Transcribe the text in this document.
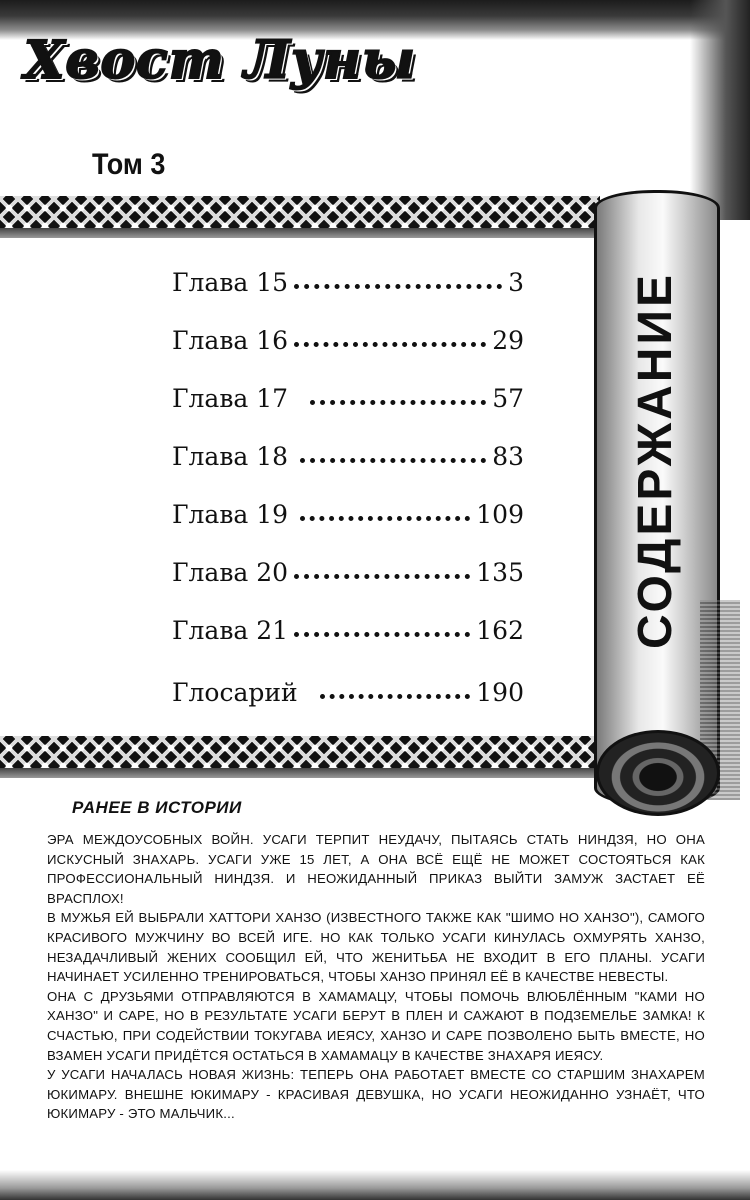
Хвост Луны
Том 3
СОДЕРЖАНИЕ
Глава 15	3
Глава 16	29
Глава 17	57
Глава 18	83
Глава 19	109
Глава 20	135
Глава 21	162
Глосарий	190
РАНЕЕ В ИСТОРИИ

ЭРА МЕЖДОУСОБНЫХ ВОЙН. УСАГИ ТЕРПИТ НЕУДАЧУ, ПЫТАЯСЬ СТАТЬ НИНДЗЯ, НО ОНА ИСКУСНЫЙ ЗНАХАРЬ. УСАГИ УЖЕ 15 ЛЕТ, А ОНА ВСЁ ЕЩЁ НЕ МОЖЕТ СОСТОЯТЬСЯ КАК ПРОФЕССИОНАЛЬНЫЙ НИНДЗЯ. И НЕОЖИДАННЫЙ ПРИКАЗ ВЫЙТИ ЗАМУЖ ЗАСТАЕТ ЕЁ ВРАСПЛОХ!

В МУЖЬЯ ЕЙ ВЫБРАЛИ ХАТТОРИ ХАНЗО (ИЗВЕСТНОГО ТАКЖЕ КАК "ШИМО НО ХАНЗО"), САМОГО КРАСИВОГО МУЖЧИНУ ВО ВСЕЙ ИГЕ. НО КАК ТОЛЬКО УСАГИ КИНУЛАСЬ ОХМУРЯТЬ ХАНЗО, НЕЗАДАЧЛИВЫЙ ЖЕНИХ СООБЩИЛ ЕЙ, ЧТО ЖЕНИТЬБА НЕ ВХОДИТ В ЕГО ПЛАНЫ. УСАГИ НАЧИНАЕТ УСИЛЕННО ТРЕНИРОВАТЬСЯ, ЧТОБЫ ХАНЗО ПРИНЯЛ ЕЁ В КАЧЕСТВЕ НЕВЕСТЫ.

ОНА С ДРУЗЬЯМИ ОТПРАВЛЯЮТСЯ В ХАМАМАЦУ, ЧТОБЫ ПОМОЧЬ ВЛЮБЛЁННЫМ "КАМИ НО ХАНЗО" И САРЕ, НО В РЕЗУЛЬТАТЕ УСАГИ БЕРУТ В ПЛЕН И САЖАЮТ В ПОДЗЕМЕЛЬЕ ЗАМКА! К СЧАСТЬЮ, ПРИ СОДЕЙСТВИИ ТОКУГАВА ИЕЯСУ, ХАНЗО И САРЕ ПОЗВОЛЕНО БЫТЬ ВМЕСТЕ, НО ВЗАМЕН УСАГИ ПРИДЁТСЯ ОСТАТЬСЯ В ХАМАМАЦУ В КАЧЕСТВЕ ЗНАХАРЯ ИЕЯСУ.

У УСАГИ НАЧАЛАСЬ НОВАЯ ЖИЗНЬ: ТЕПЕРЬ ОНА РАБОТАЕТ ВМЕСТЕ СО СТАРШИМ ЗНАХАРЕМ ЮКИМАРУ. ВНЕШНЕ ЮКИМАРУ - КРАСИВАЯ ДЕВУШКА, НО УСАГИ НЕОЖИДАННО УЗНАЁТ, ЧТО ЮКИМАРУ - ЭТО МАЛЬЧИК...
